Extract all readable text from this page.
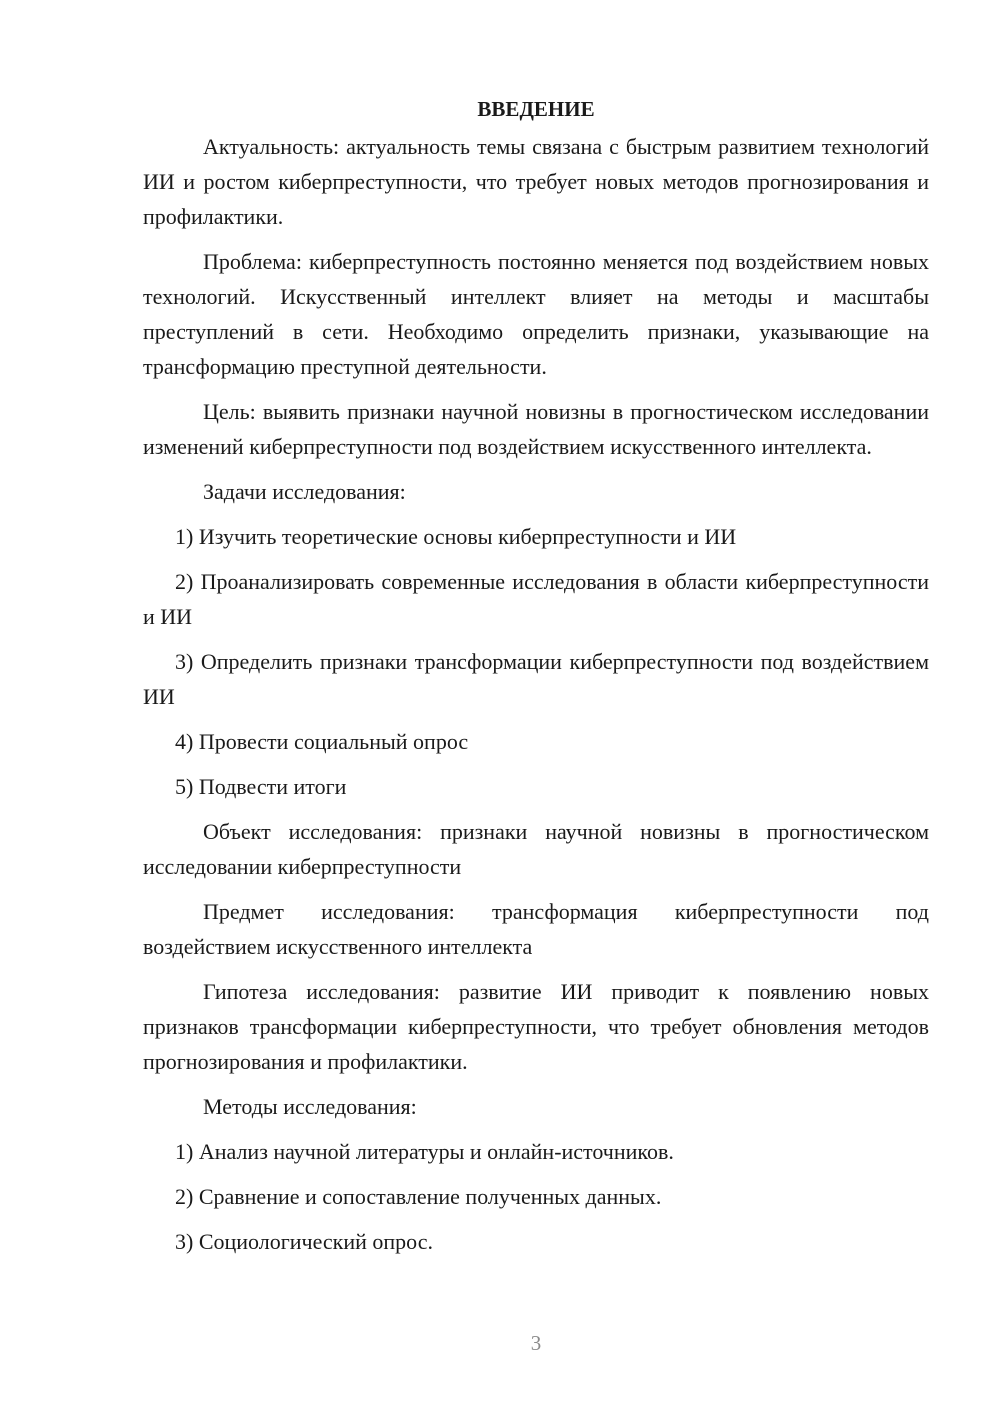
ВВЕДЕНИЕ

Актуальность: актуальность темы связана с быстрым развитием технологий ИИ и ростом киберпреступности, что требует новых методов прогнозирования и профилактики.

Проблема: киберпреступность постоянно меняется под воздействием новых технологий. Искусственный интеллект влияет на методы и масштабы преступлений в сети. Необходимо определить признаки, указывающие на трансформацию преступной деятельности.

Цель: выявить признаки научной новизны в прогностическом исследовании изменений киберпреступности под воздействием искусственного интеллекта.

Задачи исследования:

1) Изучить теоретические основы киберпреступности и ИИ

2) Проанализировать современные исследования в области киберпреступности и ИИ

3) Определить признаки трансформации киберпреступности под воздействием ИИ

4) Провести социальный опрос

5) Подвести итоги

Объект исследования: признаки научной новизны в прогностическом исследовании киберпреступности

Предмет исследования: трансформация киберпреступности под воздействием искусственного интеллекта

Гипотеза исследования: развитие ИИ приводит к появлению новых признаков трансформации киберпреступности, что требует обновления методов прогнозирования и профилактики.

Методы исследования:

1) Анализ научной литературы и онлайн-источников.

2) Сравнение и сопоставление полученных данных.

3) Социологический опрос.

3
